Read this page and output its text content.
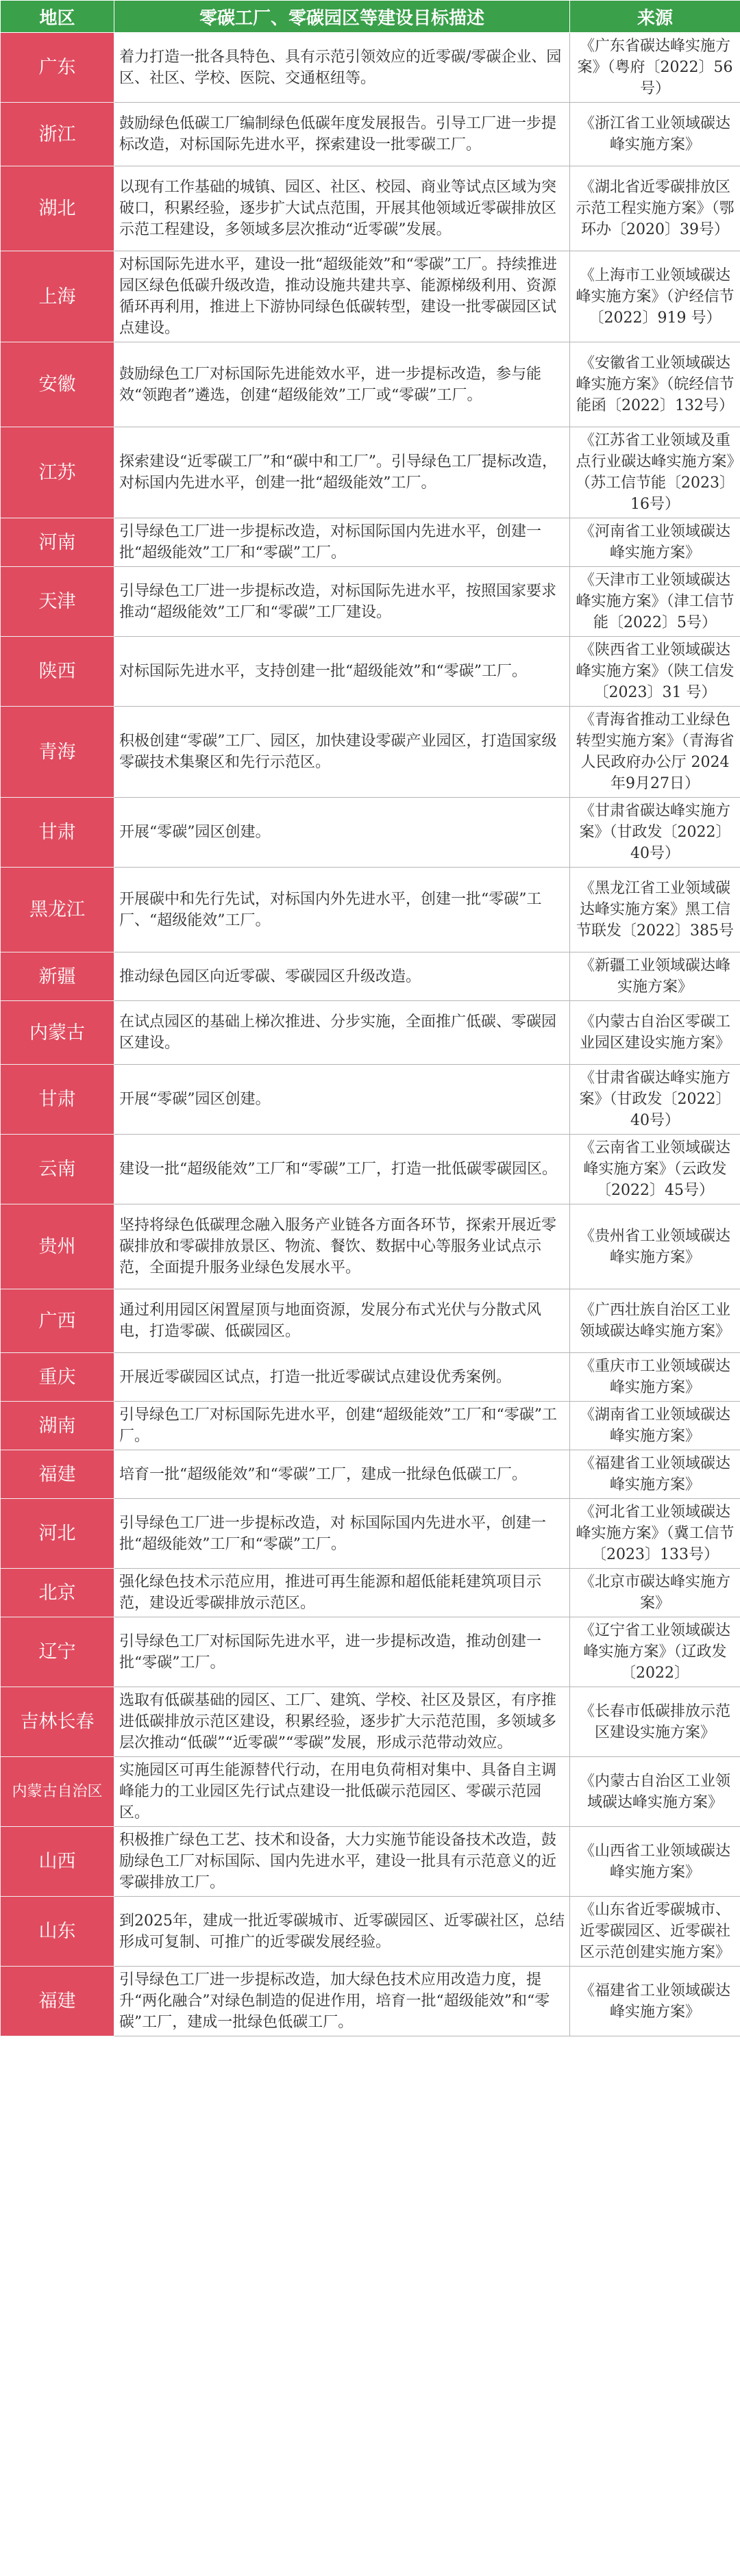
地区	零碳工厂、零碳园区等建设目标描述	来源
广东	着力打造一批各具特色、具有示范引领效应的近零碳/零碳企业、园区、社区、学校、医院、交通枢纽等。	《广东省碳达峰实施方案》（粤府〔2022〕56号）
浙江	鼓励绿色低碳工厂编制绿色低碳年度发展报告。引导工厂进一步提标改造，对标国际先进水平，探索建设一批零碳工厂。	《浙江省工业领域碳达峰实施方案》
湖北	以现有工作基础的城镇、园区、社区、校园、商业等试点区域为突破口，积累经验，逐步扩大试点范围，开展其他领域近零碳排放区示范工程建设，多领域多层次推动“近零碳”发展。	《湖北省近零碳排放区示范工程实施方案》（鄂环办〔2020〕39号）
上海	对标国际先进水平，建设一批“超级能效”和“零碳”工厂。持续推进园区绿色低碳升级改造，推动设施共建共享、能源梯级利用、资源循环再利用，推进上下游协同绿色低碳转型，建设一批零碳园区试点建设。	《上海市工业领域碳达峰实施方案》（沪经信节〔2022〕919 号）
安徽	鼓励绿色工厂对标国际先进能效水平，进一步提标改造，参与能效“领跑者”遴选，创建“超级能效”工厂或“零碳”工厂。	《安徽省工业领域碳达峰实施方案》（皖经信节能函〔2022〕132号）
江苏	探索建设“近零碳工厂”和“碳中和工厂”。引导绿色工厂提标改造，对标国内先进水平，创建一批“超级能效”工厂。	《江苏省工业领域及重点行业碳达峰实施方案》（苏工信节能〔2023〕16号）
河南	引导绿色工厂进一步提标改造，对标国际国内先进水平，创建一批“超级能效”工厂和“零碳”工厂。	《河南省工业领域碳达峰实施方案》
天津	引导绿色工厂进一步提标改造，对标国际先进水平，按照国家要求推动“超级能效”工厂和“零碳”工厂建设。	《天津市工业领域碳达峰实施方案》（津工信节能〔2022〕5号）
陕西	对标国际先进水平，支持创建一批“超级能效”和“零碳”工厂。	《陕西省工业领域碳达峰实施方案》（陕工信发〔2023〕31 号）
青海	积极创建“零碳”工厂、园区，加快建设零碳产业园区，打造国家级零碳技术集聚区和先行示范区。	《青海省推动工业绿色转型实施方案》（青海省人民政府办公厅 2024年9月27日）
甘肃	开展“零碳”园区创建。	《甘肃省碳达峰实施方案》（甘政发〔2022〕40号）
黑龙江	开展碳中和先行先试，对标国内外先进水平，创建一批“零碳”工厂、“超级能效”工厂。	《黑龙江省工业领域碳达峰实施方案》黑工信节联发〔2022〕385号
新疆	推动绿色园区向近零碳、零碳园区升级改造。	《新疆工业领域碳达峰实施方案》
内蒙古	在试点园区的基础上梯次推进、分步实施，全面推广低碳、零碳园区建设。	《内蒙古自治区零碳工业园区建设实施方案》
甘肃	开展“零碳”园区创建。	《甘肃省碳达峰实施方案》（甘政发〔2022〕40号）
云南	建设一批“超级能效”工厂和“零碳”工厂，打造一批低碳零碳园区。	《云南省工业领域碳达峰实施方案》（云政发〔2022〕45号）
贵州	坚持将绿色低碳理念融入服务产业链各方面各环节，探索开展近零碳排放和零碳排放景区、物流、餐饮、数据中心等服务业试点示范，全面提升服务业绿色发展水平。	《贵州省工业领域碳达峰实施方案》
广西	通过利用园区闲置屋顶与地面资源，发展分布式光伏与分散式风电，打造零碳、低碳园区。	《广西壮族自治区工业领域碳达峰实施方案》
重庆	开展近零碳园区试点，打造一批近零碳试点建设优秀案例。	《重庆市工业领域碳达峰实施方案》
湖南	引导绿色工厂对标国际先进水平，创建“超级能效”工厂和“零碳”工厂。	《湖南省工业领域碳达峰实施方案》
福建	培育一批“超级能效”和“零碳”工厂，建成一批绿色低碳工厂。	《福建省工业领域碳达峰实施方案》
河北	引导绿色工厂进一步提标改造，对 标国际国内先进水平，创建一批“超级能效”工厂和“零碳”工厂。	《河北省工业领域碳达峰实施方案》（冀工信节〔2023〕133号）
北京	强化绿色技术示范应用，推进可再生能源和超低能耗建筑项目示范，建设近零碳排放示范区。	《北京市碳达峰实施方案》
辽宁	引导绿色工厂对标国际先进水平，进一步提标改造，推动创建一批“零碳”工厂。	《辽宁省工业领域碳达峰实施方案》（辽政发〔2022〕
吉林长春	选取有低碳基础的园区、工厂、建筑、学校、社区及景区，有序推进低碳排放示范区建设，积累经验，逐步扩大示范范围，多领域多层次推动“低碳”“近零碳”“零碳”发展，形成示范带动效应。	《长春市低碳排放示范区建设实施方案》
内蒙古自治区	实施园区可再生能源替代行动，在用电负荷相对集中、具备自主调峰能力的工业园区先行试点建设一批低碳示范园区、零碳示范园区。	《内蒙古自治区工业领域碳达峰实施方案》
山西	积极推广绿色工艺、技术和设备，大力实施节能设备技术改造，鼓励绿色工厂对标国际、国内先进水平，建设一批具有示范意义的近零碳排放工厂。	《山西省工业领域碳达峰实施方案》
山东	到2025年，建成一批近零碳城市、近零碳园区、近零碳社区，总结形成可复制、可推广的近零碳发展经验。	《山东省近零碳城市、近零碳园区、近零碳社区示范创建实施方案》
福建	引导绿色工厂进一步提标改造，加大绿色技术应用改造力度，提升“两化融合”对绿色制造的促进作用，培育一批“超级能效”和“零碳”工厂，建成一批绿色低碳工厂。	《福建省工业领域碳达峰实施方案》
